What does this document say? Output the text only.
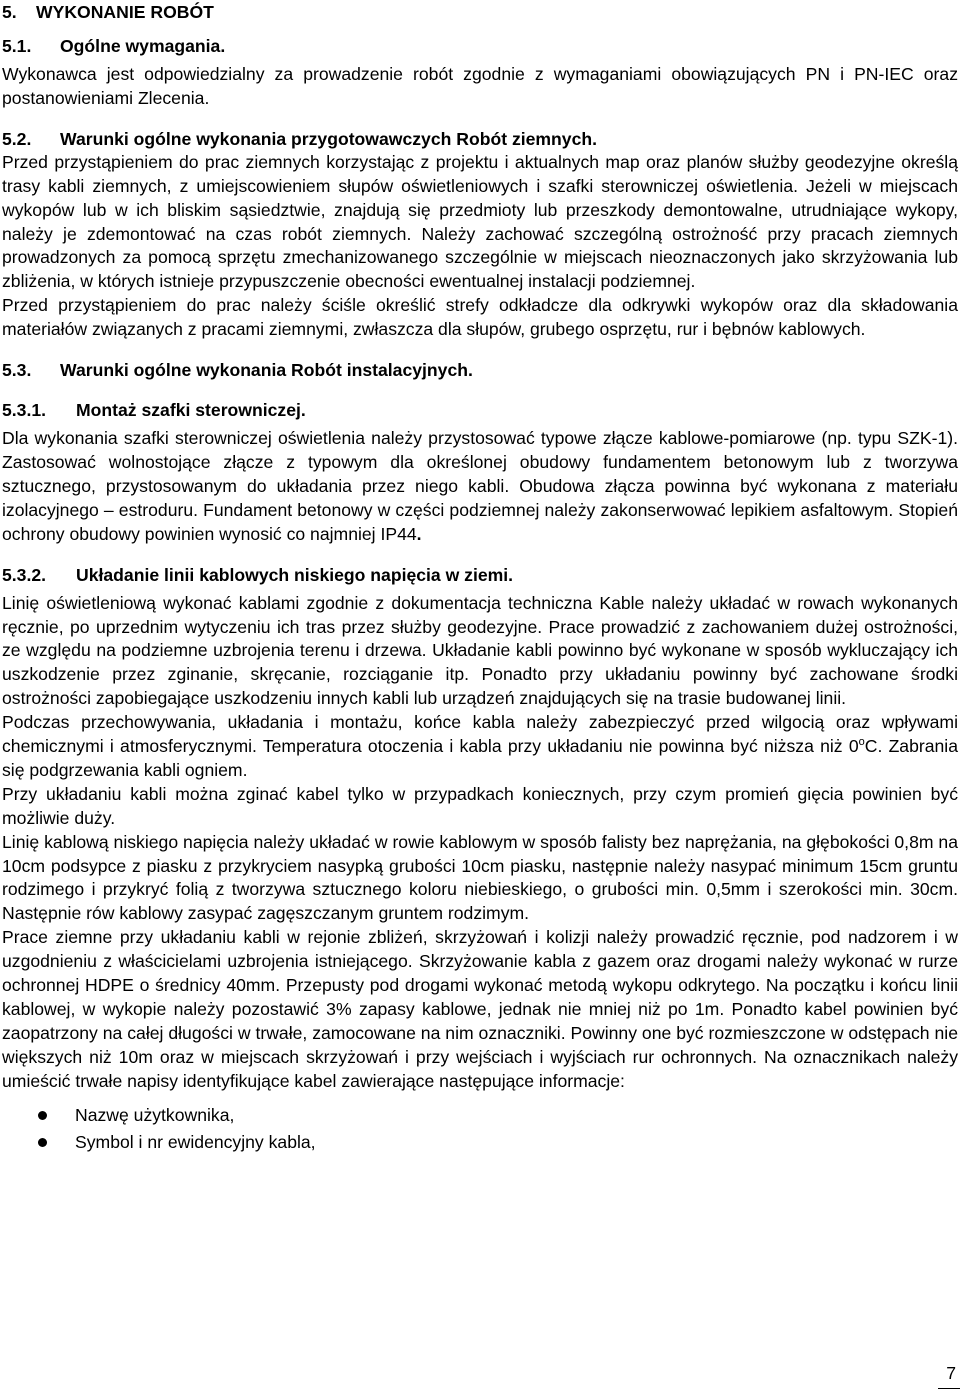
5. WYKONANIE ROBÓT

5.1. Ogólne wymagania.

Wykonawca jest odpowiedzialny za prowadzenie robót zgodnie z wymaganiami obowiązujących PN i PN-IEC oraz postanowieniami Zlecenia.

5.2. Warunki ogólne wykonania przygotowawczych Robót ziemnych.

Przed przystąpieniem do prac ziemnych korzystając z projektu i aktualnych map oraz planów służby geodezyjne określą trasy kabli ziemnych, z umiejscowieniem słupów oświetleniowych i szafki sterowniczej oświetlenia. Jeżeli w miejscach wykopów lub w ich bliskim sąsiedztwie, znajdują się przedmioty lub przeszkody demontowalne, utrudniające wykopy, należy je zdemontować na czas robót ziemnych. Należy zachować szczególną ostrożność przy pracach ziemnych prowadzonych za pomocą sprzętu zmechanizowanego szczególnie w miejscach nieoznaczonych jako skrzyżowania lub zbliżenia, w których istnieje przypuszczenie obecności ewentualnej instalacji podziemnej.

Przed przystąpieniem do prac należy ściśle określić strefy odkładcze dla odkrywki wykopów oraz dla składowania materiałów związanych z pracami ziemnymi, zwłaszcza dla słupów, grubego osprzętu, rur i bębnów kablowych.

5.3. Warunki ogólne wykonania Robót instalacyjnych.

5.3.1. Montaż szafki sterowniczej.

Dla wykonania szafki sterowniczej oświetlenia należy przystosować typowe złącze kablowe-pomiarowe (np. typu SZK-1). Zastosować wolnostojące złącze z typowym dla określonej obudowy fundamentem betonowym lub z tworzywa sztucznego, przystosowanym do układania przez niego kabli. Obudowa złącza powinna być wykonana z materiału izolacyjnego – estroduru. Fundament betonowy w części podziemnej należy zakonserwować lepikiem asfaltowym. Stopień ochrony obudowy powinien wynosić co najmniej IP44.

5.3.2. Układanie linii kablowych niskiego napięcia w ziemi.

Linię oświetleniową wykonać kablami zgodnie z dokumentacja techniczna Kable należy układać w rowach wykonanych ręcznie, po uprzednim wytyczeniu ich tras przez służby geodezyjne. Prace prowadzić z zachowaniem dużej ostrożności, ze względu na podziemne uzbrojenia terenu i drzewa. Układanie kabli powinno być wykonane w sposób wykluczający ich uszkodzenie przez zginanie, skręcanie, rozciąganie itp. Ponadto przy układaniu powinny być zachowane środki ostrożności zapobiegające uszkodzeniu innych kabli lub urządzeń znajdujących się na trasie budowanej linii.

Podczas przechowywania, układania i montażu, końce kabla należy zabezpieczyć przed wilgocią oraz wpływami chemicznymi i atmosferycznymi. Temperatura otoczenia i kabla przy układaniu nie powinna być niższa niż 0$^o$C. Zabrania się podgrzewania kabli ogniem.

Przy układaniu kabli można zginać kabel tylko w przypadkach koniecznych, przy czym promień gięcia powinien być możliwie duży.

Linię kablową niskiego napięcia należy układać w rowie kablowym w sposób falisty bez naprężania, na głębokości 0,8m na 10cm podsypce z piasku z przykryciem nasypką grubości 10cm piasku, następnie należy nasypać minimum 15cm gruntu rodzimego i przykryć folią z tworzywa sztucznego koloru niebieskiego, o grubości min. 0,5mm i szerokości min. 30cm. Następnie rów kablowy zasypać zagęszczanym gruntem rodzimym.

Prace ziemne przy układaniu kabli w rejonie zbliżeń, skrzyżowań i kolizji należy prowadzić ręcznie, pod nadzorem i w uzgodnieniu z właścicielami uzbrojenia istniejącego. Skrzyżowanie kabla z gazem oraz drogami należy wykonać w rurze ochronnej HDPE o średnicy 40mm. Przepusty pod drogami wykonać metodą wykopu odkrytego. Na początku i końcu linii kablowej, w wykopie należy pozostawić 3% zapasy kablowe, jednak nie mniej niż po 1m. Ponadto kabel powinien być zaopatrzony na całej długości w trwałe, zamocowane na nim oznaczniki. Powinny one być rozmieszczone w odstępach nie większych niż 10m oraz w miejscach skrzyżowań i przy wejściach i wyjściach rur ochronnych. Na oznacznikach należy umieścić trwałe napisy identyfikujące kabel zawierające następujące informacje:

Nazwę użytkownika,
Symbol i nr ewidencyjny kabla,
7
